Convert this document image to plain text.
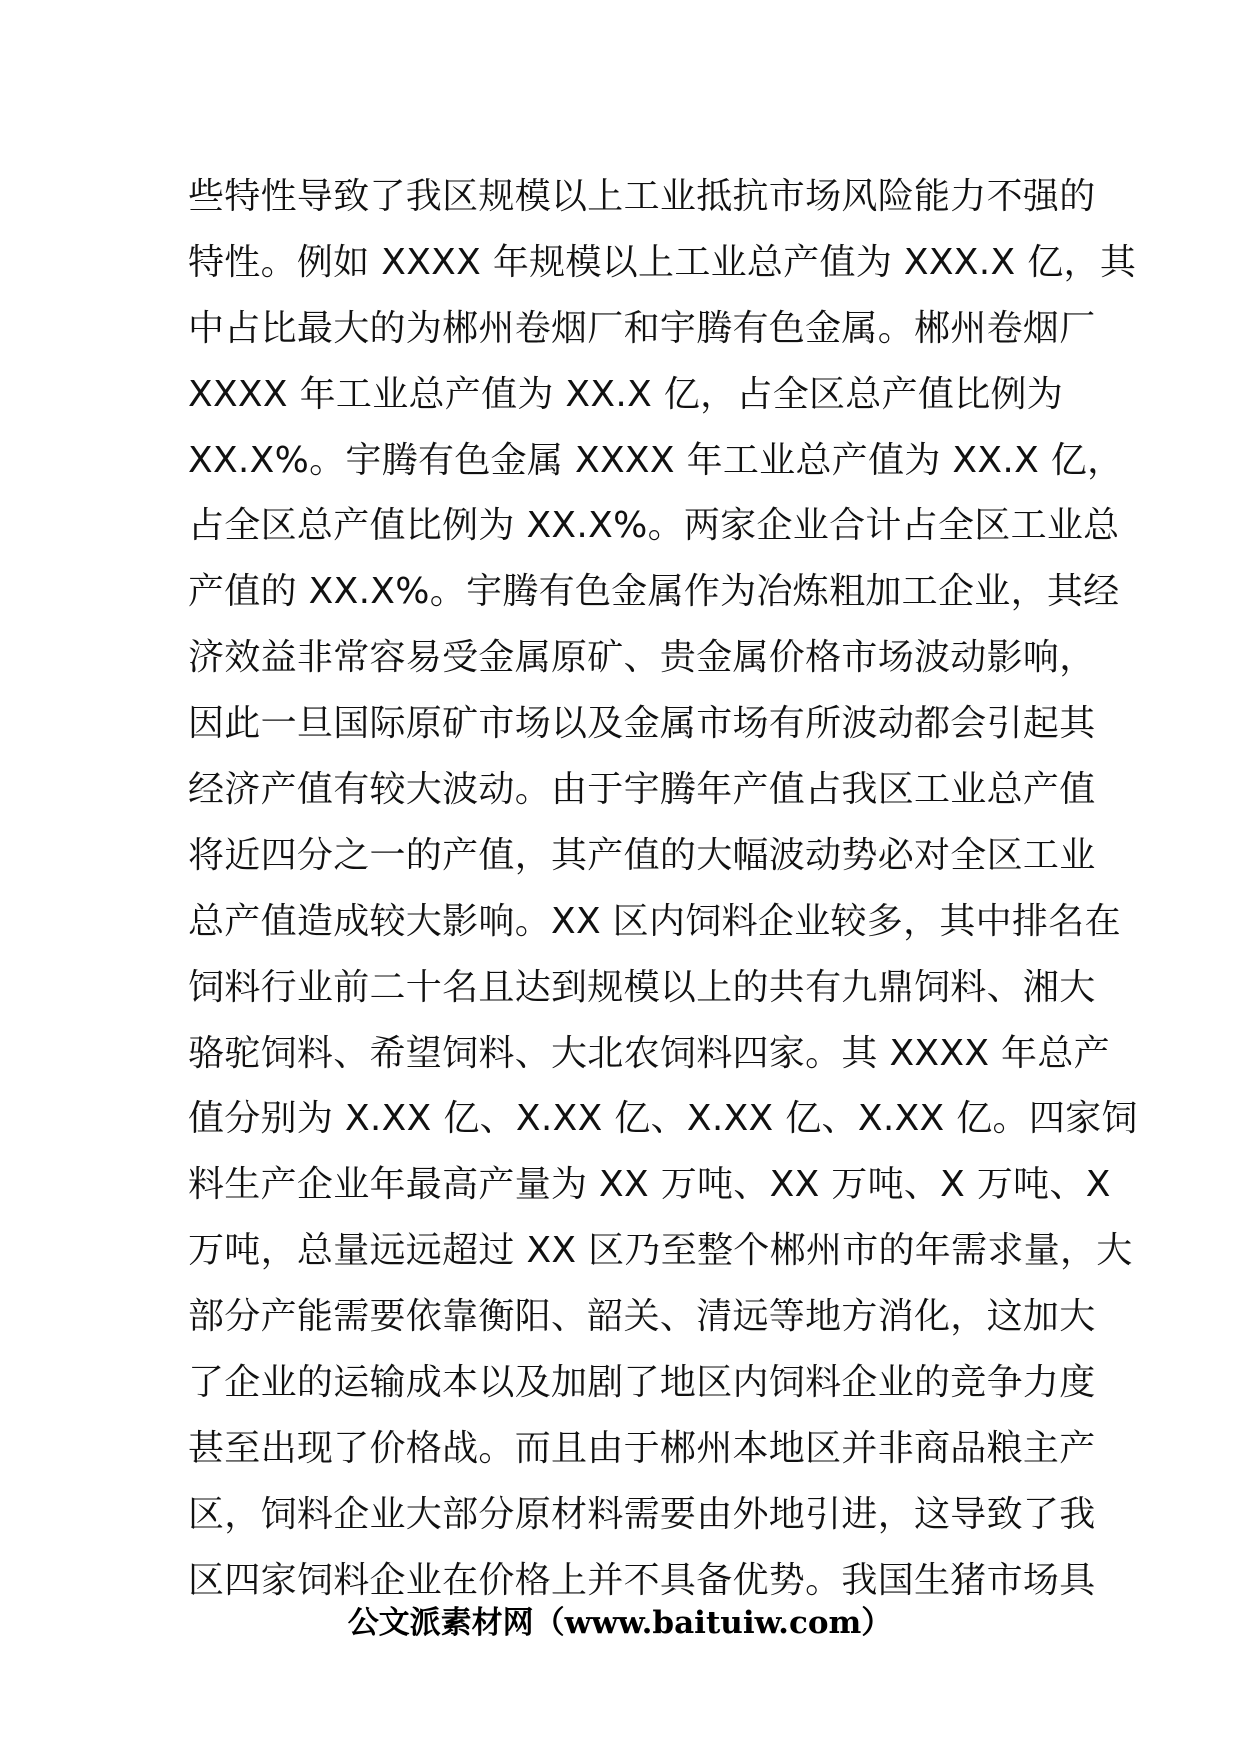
些特性导致了我区规模以上工业抵抗市场风险能力不强的
特性。例如 XXXX 年规模以上工业总产值为 XXX.X 亿，其
中占比最大的为郴州卷烟厂和宇腾有色金属。郴州卷烟厂
XXXX 年工业总产值为 XX.X 亿，占全区总产值比例为
XX.X%。宇腾有色金属 XXXX 年工业总产值为 XX.X 亿，
占全区总产值比例为 XX.X%。两家企业合计占全区工业总
产值的 XX.X%。宇腾有色金属作为冶炼粗加工企业，其经
济效益非常容易受金属原矿、贵金属价格市场波动影响，
因此一旦国际原矿市场以及金属市场有所波动都会引起其
经济产值有较大波动。由于宇腾年产值占我区工业总产值
将近四分之一的产值，其产值的大幅波动势必对全区工业
总产值造成较大影响。XX 区内饲料企业较多，其中排名在
饲料行业前二十名且达到规模以上的共有九鼎饲料、湘大
骆驼饲料、希望饲料、大北农饲料四家。其 XXXX 年总产
值分别为 X.XX 亿、X.XX 亿、X.XX 亿、X.XX 亿。四家饲
料生产企业年最高产量为 XX 万吨、XX 万吨、X 万吨、X
万吨，总量远远超过 XX 区乃至整个郴州市的年需求量，大
部分产能需要依靠衡阳、韶关、清远等地方消化，这加大
了企业的运输成本以及加剧了地区内饲料企业的竞争力度
甚至出现了价格战。而且由于郴州本地区并非商品粮主产
区，饲料企业大部分原材料需要由外地引进，这导致了我
区四家饲料企业在价格上并不具备优势。我国生猪市场具
公文派素材网（www.baituiw.com）
